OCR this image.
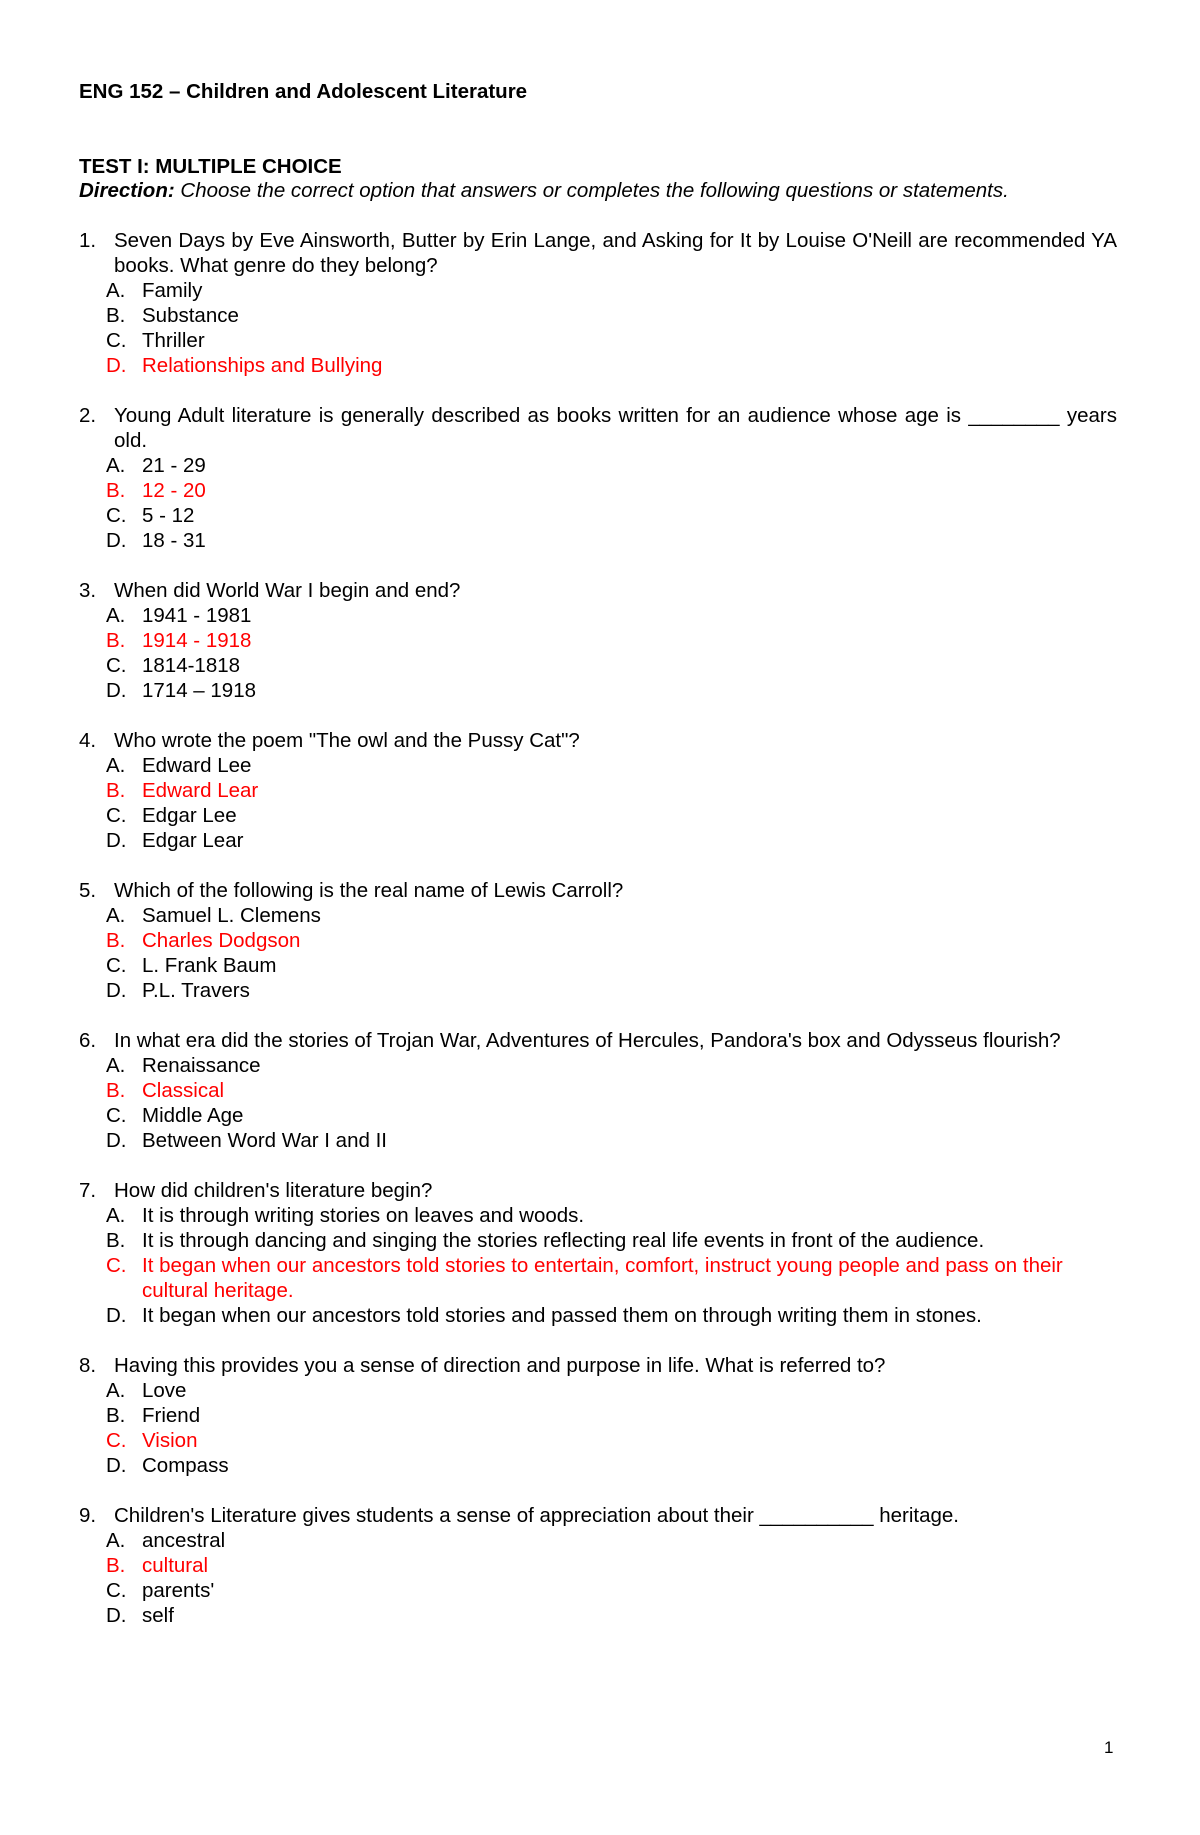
ENG 152 – Children and Adolescent Literature

TEST I: MULTIPLE CHOICE

Direction: Choose the correct option that answers or completes the following questions or statements.

1. Seven Days by Eve Ainsworth, Butter by Erin Lange, and Asking for It by Louise O'Neill are recommended YA books. What genre do they belong?
A. Family
B. Substance
C. Thriller
D. Relationships and Bullying
2. Young Adult literature is generally described as books written for an audience whose age is ________ years old.
A. 21 - 29
B. 12 - 20
C. 5 - 12
D. 18 - 31
3. When did World War I begin and end?
A. 1941 - 1981
B. 1914 - 1918
C. 1814-1818
D. 1714 – 1918
4. Who wrote the poem "The owl and the Pussy Cat"?
A. Edward Lee
B. Edward Lear
C. Edgar Lee
D. Edgar Lear
5. Which of the following is the real name of Lewis Carroll?
A. Samuel L. Clemens
B. Charles Dodgson
C. L. Frank Baum
D. P.L. Travers
6. In what era did the stories of Trojan War, Adventures of Hercules, Pandora's box and Odysseus flourish?
A. Renaissance
B. Classical
C. Middle Age
D. Between Word War I and II
7. How did children's literature begin?
A. It is through writing stories on leaves and woods.
B. It is through dancing and singing the stories reflecting real life events in front of the audience.
C. It began when our ancestors told stories to entertain, comfort, instruct young people and pass on their cultural heritage.
D. It began when our ancestors told stories and passed them on through writing them in stones.
8. Having this provides you a sense of direction and purpose in life. What is referred to?
A. Love
B. Friend
C. Vision
D. Compass
9. Children's Literature gives students a sense of appreciation about their __________ heritage.
A. ancestral
B. cultural
C. parents'
D. self
1
